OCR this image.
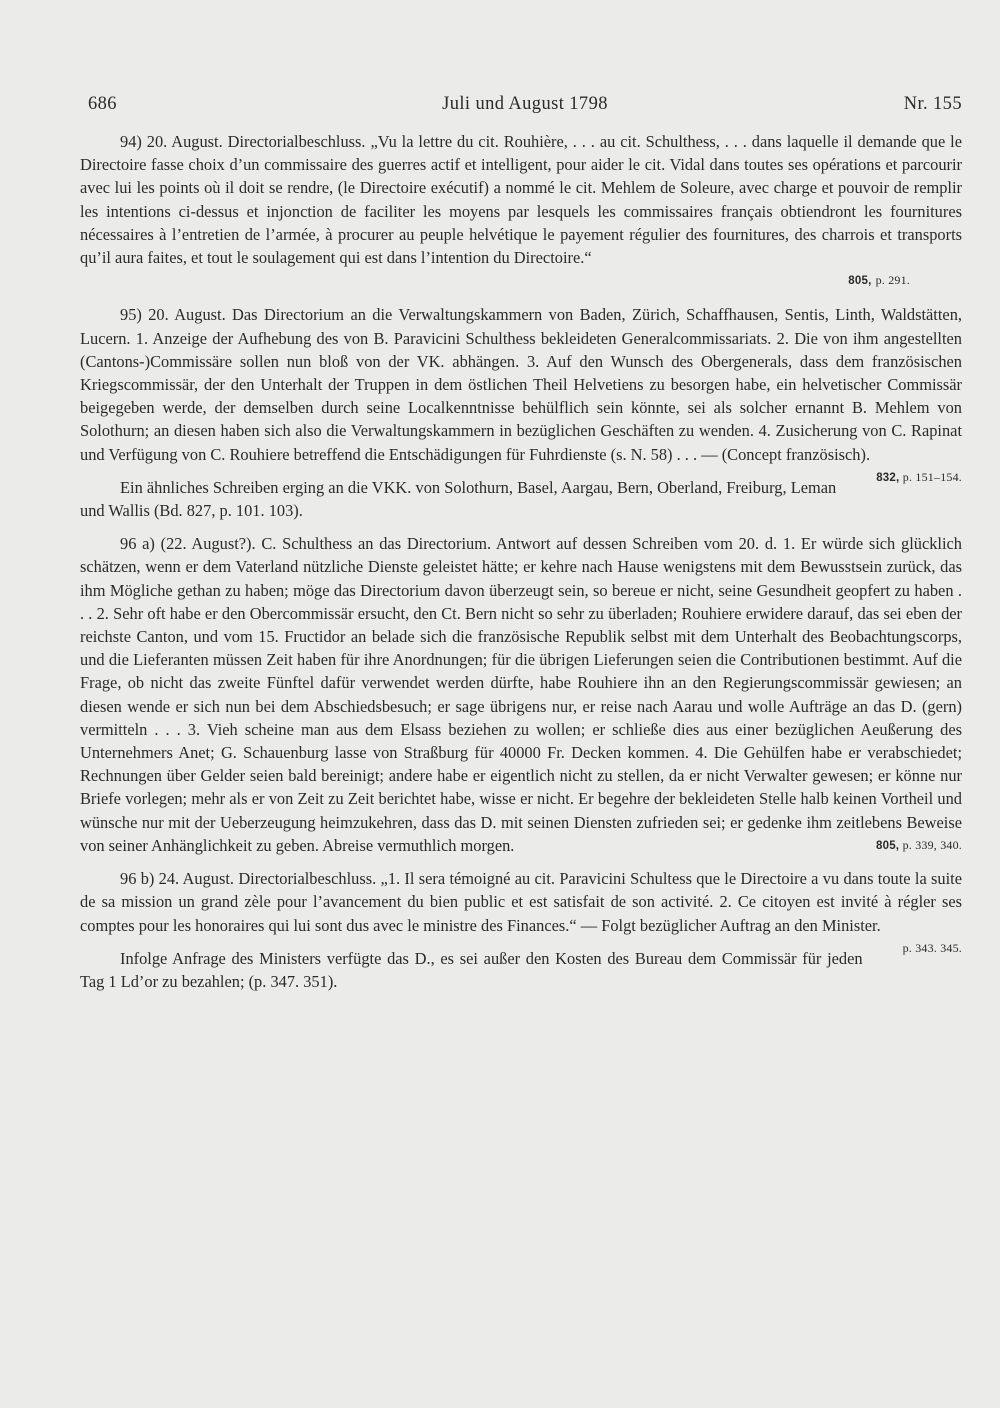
686	Juli und August 1798	Nr. 155

94) 20. August. Directorialbeschluss. „Vu la lettre du cit. Rouhière, . . . au cit. Schulthess, . . . dans laquelle il demande que le Directoire fasse choix d’un commissaire des guerres actif et intelligent, pour aider le cit. Vidal dans toutes ses opérations et parcourir avec lui les points où il doit se rendre, (le Directoire exécutif) a nommé le cit. Mehlem de Soleure, avec charge et pouvoir de remplir les intentions ci-dessus et injonction de faciliter les moyens par lesquels les commissaires français obtiendront les fournitures nécessaires à l’entretien de l’armée, à procurer au peuple helvétique le payement régulier des fournitures, des charrois et transports qu’il aura faites, et tout le soulagement qui est dans l’intention du Directoire.“

805, p. 291.

95) 20. August. Das Directorium an die Verwaltungskammern von Baden, Zürich, Schaffhausen, Sentis, Linth, Waldstätten, Lucern. 1. Anzeige der Aufhebung des von B. Paravicini Schulthess bekleideten Generalcommissariats. 2. Die von ihm angestellten (Cantons-)Commissäre sollen nun bloß von der VK. abhängen. 3. Auf den Wunsch des Obergenerals, dass dem französischen Kriegscommissär, der den Unterhalt der Truppen in dem östlichen Theil Helvetiens zu besorgen habe, ein helvetischer Commissär beigegeben werde, der demselben durch seine Localkenntnisse behülflich sein könnte, sei als solcher ernannt B. Mehlem von Solothurn; an diesen haben sich also die Verwaltungskammern in bezüglichen Geschäften zu wenden. 4. Zusicherung von C. Rapinat und Verfügung von C. Rouhiere betreffend die Entschädigungen für Fuhrdienste (s. N. 58) . . . — (Concept französisch).
832, p. 151–154.

Ein ähnliches Schreiben erging an die VKK. von Solothurn, Basel, Aargau, Bern, Oberland, Freiburg, Leman und Wallis (Bd. 827, p. 101. 103).

96 a) (22. August?). C. Schulthess an das Directorium. Antwort auf dessen Schreiben vom 20. d. 1. Er würde sich glücklich schätzen, wenn er dem Vaterland nützliche Dienste geleistet hätte; er kehre nach Hause wenigstens mit dem Bewusstsein zurück, das ihm Mögliche gethan zu haben; möge das Directorium davon überzeugt sein, so bereue er nicht, seine Gesundheit geopfert zu haben . . . 2. Sehr oft habe er den Obercommissär ersucht, den Ct. Bern nicht so sehr zu überladen; Rouhiere erwidere darauf, das sei eben der reichste Canton, und vom 15. Fructidor an belade sich die französische Republik selbst mit dem Unterhalt des Beobachtungscorps, und die Lieferanten müssen Zeit haben für ihre Anordnungen; für die übrigen Lieferungen seien die Contributionen bestimmt. Auf die Frage, ob nicht das zweite Fünftel dafür verwendet werden dürfte, habe Rouhiere ihn an den Regierungscommissär gewiesen; an diesen wende er sich nun bei dem Abschiedsbesuch; er sage übrigens nur, er reise nach Aarau und wolle Aufträge an das D. (gern) vermitteln . . . 3. Vieh scheine man aus dem Elsass beziehen zu wollen; er schließe dies aus einer bezüglichen Aeußerung des Unternehmers Anet; G. Schauenburg lasse von Straßburg für 40000 Fr. Decken kommen. 4. Die Gehülfen habe er verabschiedet; Rechnungen über Gelder seien bald bereinigt; andere habe er eigentlich nicht zu stellen, da er nicht Verwalter gewesen; er könne nur Briefe vorlegen; mehr als er von Zeit zu Zeit berichtet habe, wisse er nicht. Er begehre der bekleideten Stelle halb keinen Vortheil und wünsche nur mit der Ueberzeugung heimzukehren, dass das D. mit seinen Diensten zufrieden sei; er gedenke ihm zeitlebens Beweise von seiner Anhänglichkeit zu geben. Abreise vermuthlich morgen.	805, p. 339, 340.

96 b) 24. August. Directorialbeschluss. „1. Il sera témoigné au cit. Paravicini Schultess que le Directoire a vu dans toute la suite de sa mission un grand zèle pour l’avancement du bien public et est satisfait de son activité. 2. Ce citoyen est invité à régler ses comptes pour les honoraires qui lui sont dus avec le ministre des Finances.“ — Folgt bezüglicher Auftrag an den Minister.
p. 343. 345.

Infolge Anfrage des Ministers verfügte das D., es sei außer den Kosten des Bureau dem Commissär für jeden Tag 1 Ld’or zu bezahlen; (p. 347. 351).
